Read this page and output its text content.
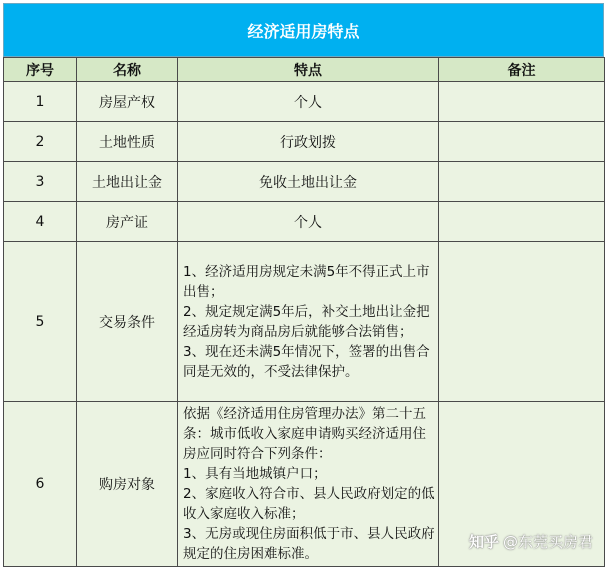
经济适用房特点
序号	名称	特点	备注
1	房屋产权	个人	
2	土地性质	行政划拨	
3	土地出让金	免收土地出让金	
4	房产证	个人	
5	交易条件	1、经济适用房规定未满5年不得正式上市出售；
2、规定规定满5年后，补交土地出让金把经适房转为商品房后就能够合法销售；
3、现在还未满5年情况下，签署的出售合同是无效的，不受法律保护。	

6	购房对象	依据《经济适用住房管理办法》第二十五条：城市低收入家庭申请购买经济适用住房应同时符合下列条件：
1、具有当地城镇户口；
2、家庭收入符合市、县人民政府划定的低收入家庭收入标准；
3、无房或现住房面积低于市、县人民政府规定的住房困难标准。	

知乎 @东莞买房君
